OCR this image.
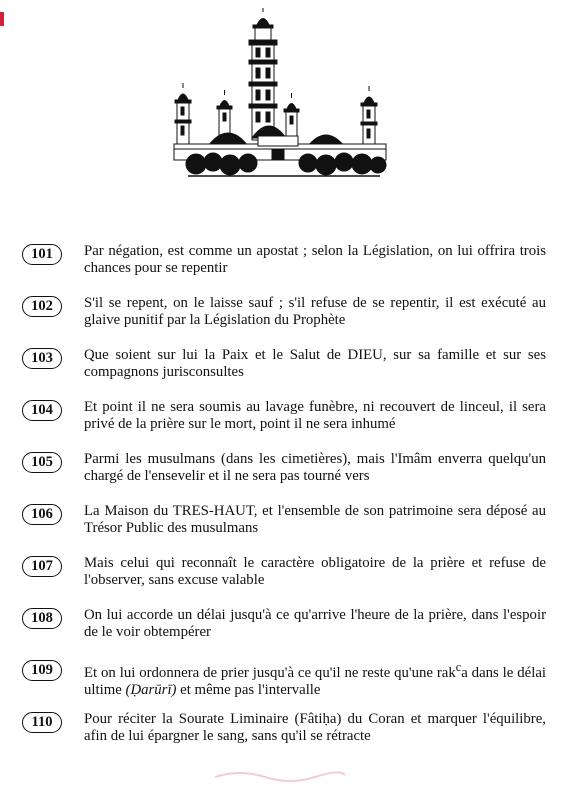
101	Par négation, est comme un apostat ; selon la Législation, on lui offrira trois chances pour se repentir
102	S'il se repent, on le laisse sauf ; s'il refuse de se repentir, il est exécuté au glaive punitif par la Législation du Prophète
103	Que soient sur lui la Paix et le Salut de DIEU, sur sa famille et sur ses compagnons jurisconsultes
104	Et point il ne sera soumis au lavage funèbre, ni recouvert de linceul, il sera privé de la prière sur le mort, point il ne sera inhumé
105	Parmi les musulmans (dans les cimetières), mais l'Imâm enverra quelqu'un chargé de l'ensevelir et il ne sera pas tourné vers
106	La Maison du TRES-HAUT, et l'ensemble de son patrimoine sera déposé au Trésor Public des musulmans
107	Mais celui qui reconnaît le caractère obligatoire de la prière et refuse de l'observer, sans excuse valable
108	On lui accorde un délai jusqu'à ce qu'arrive l'heure de la prière, dans l'espoir de le voir obtempérer
109	Et on lui ordonnera de prier jusqu'à ce qu'il ne reste qu'une rak$^c$a dans le délai ultime (Ḍarūrī) et même pas l'intervalle
110	Pour réciter la Sourate Liminaire (Fâtiḥa) du Coran et marquer l'équilibre, afin de lui épargner le sang, sans qu'il se rétracte
